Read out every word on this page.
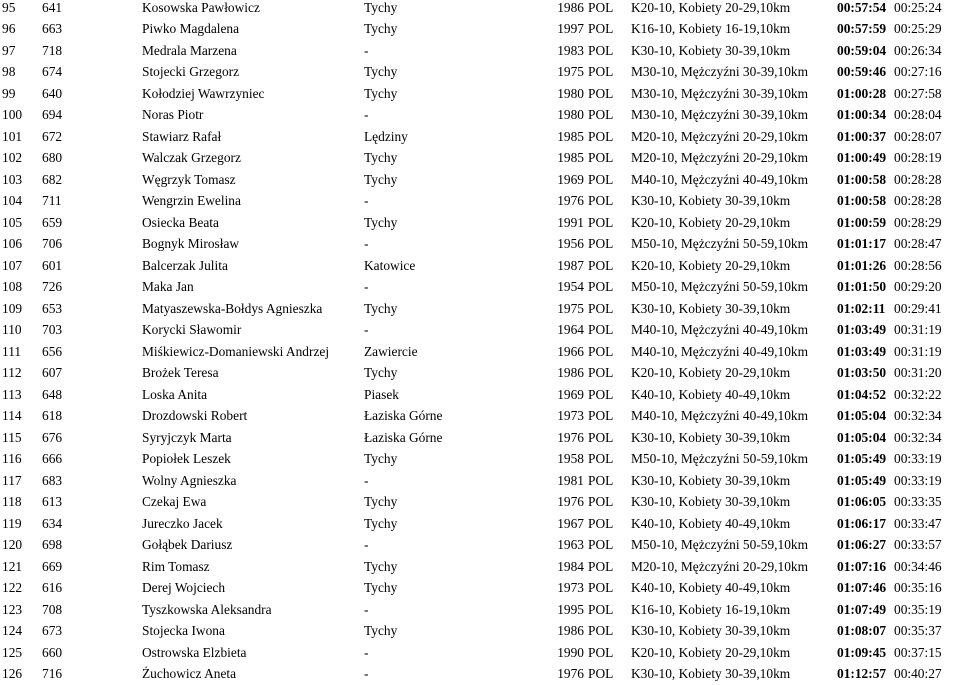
95	641	Kosowska Pawłowicz	Tychy	1986	POL	K20-10, Kobiety 20-29,10km	00:57:54	00:25:24
96	663	Piwko Magdalena	Tychy	1997	POL	K16-10, Kobiety 16-19,10km	00:57:59	00:25:29
97	718	Medrala Marzena	-	1983	POL	K30-10, Kobiety 30-39,10km	00:59:04	00:26:34
98	674	Stojecki Grzegorz	Tychy	1975	POL	M30-10, Mężczyźni 30-39,10km	00:59:46	00:27:16
99	640	Kołodziej Wawrzyniec	Tychy	1980	POL	M30-10, Mężczyźni 30-39,10km	01:00:28	00:27:58
100	694	Noras Piotr	-	1980	POL	M30-10, Mężczyźni 30-39,10km	01:00:34	00:28:04
101	672	Stawiarz Rafał	Lędziny	1985	POL	M20-10, Mężczyźni 20-29,10km	01:00:37	00:28:07
102	680	Walczak Grzegorz	Tychy	1985	POL	M20-10, Mężczyźni 20-29,10km	01:00:49	00:28:19
103	682	Węgrzyk Tomasz	Tychy	1969	POL	M40-10, Mężczyźni 40-49,10km	01:00:58	00:28:28
104	711	Wengrzin Ewelina	-	1976	POL	K30-10, Kobiety 30-39,10km	01:00:58	00:28:28
105	659	Osiecka Beata	Tychy	1991	POL	K20-10, Kobiety 20-29,10km	01:00:59	00:28:29
106	706	Bognyk Mirosław	-	1956	POL	M50-10, Mężczyźni 50-59,10km	01:01:17	00:28:47
107	601	Balcerzak Julita	Katowice	1987	POL	K20-10, Kobiety 20-29,10km	01:01:26	00:28:56
108	726	Maka Jan	-	1954	POL	M50-10, Mężczyźni 50-59,10km	01:01:50	00:29:20
109	653	Matyaszewska-Bołdys Agnieszka	Tychy	1975	POL	K30-10, Kobiety 30-39,10km	01:02:11	00:29:41
110	703	Korycki Sławomir	-	1964	POL	M40-10, Mężczyźni 40-49,10km	01:03:49	00:31:19
111	656	Miśkiewicz-Domaniewski Andrzej	Zawiercie	1966	POL	M40-10, Mężczyźni 40-49,10km	01:03:49	00:31:19
112	607	Brożek Teresa	Tychy	1986	POL	K20-10, Kobiety 20-29,10km	01:03:50	00:31:20
113	648	Loska Anita	Piasek	1969	POL	K40-10, Kobiety 40-49,10km	01:04:52	00:32:22
114	618	Drozdowski Robert	Łaziska Górne	1973	POL	M40-10, Mężczyźni 40-49,10km	01:05:04	00:32:34
115	676	Syryjczyk Marta	Łaziska Górne	1976	POL	K30-10, Kobiety 30-39,10km	01:05:04	00:32:34
116	666	Popiołek Leszek	Tychy	1958	POL	M50-10, Mężczyźni 50-59,10km	01:05:49	00:33:19
117	683	Wolny Agnieszka	-	1981	POL	K30-10, Kobiety 30-39,10km	01:05:49	00:33:19
118	613	Czekaj Ewa	Tychy	1976	POL	K30-10, Kobiety 30-39,10km	01:06:05	00:33:35
119	634	Jureczko Jacek	Tychy	1967	POL	K40-10, Kobiety 40-49,10km	01:06:17	00:33:47
120	698	Gołąbek Dariusz	-	1963	POL	M50-10, Mężczyźni 50-59,10km	01:06:27	00:33:57
121	669	Rim Tomasz	Tychy	1984	POL	M20-10, Mężczyźni 20-29,10km	01:07:16	00:34:46
122	616	Derej Wojciech	Tychy	1973	POL	K40-10, Kobiety 40-49,10km	01:07:46	00:35:16
123	708	Tyszkowska Aleksandra	-	1995	POL	K16-10, Kobiety 16-19,10km	01:07:49	00:35:19
124	673	Stojecka Iwona	Tychy	1986	POL	K30-10, Kobiety 30-39,10km	01:08:07	00:35:37
125	660	Ostrowska Elzbieta	-	1990	POL	K20-10, Kobiety 20-29,10km	01:09:45	00:37:15
126	716	Żuchowicz Aneta	-	1976	POL	K30-10, Kobiety 30-39,10km	01:12:57	00:40:27
